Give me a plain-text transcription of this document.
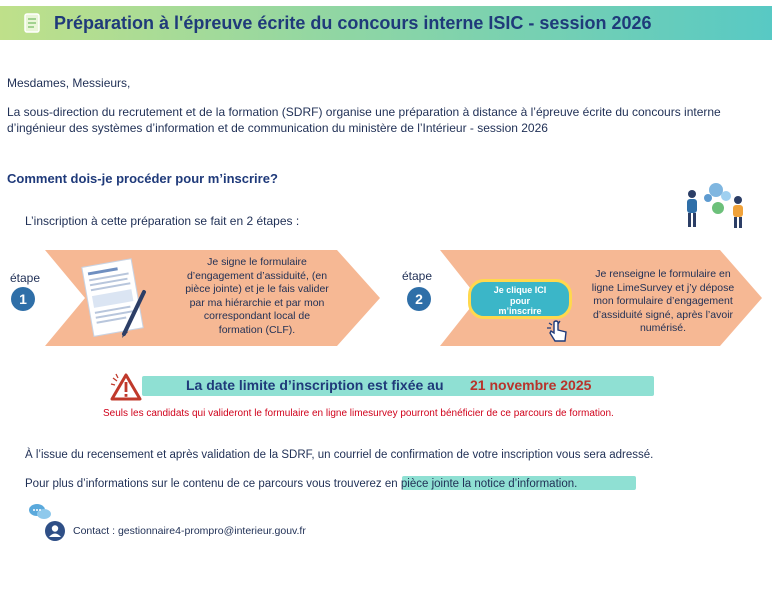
Préparation à l'épreuve écrite du concours interne ISIC - session 2026
Mesdames, Messieurs,
La sous-direction du recrutement et de la formation (SDRF) organise une préparation à distance à l’épreuve écrite du concours interne d’ingénieur des systèmes d’information et de communication du ministère de l’Intérieur - session 2026
Comment dois-je procéder pour m’inscrire?
L’inscription à cette préparation se fait en 2 étapes :
étape
1
Je signe le formulaire
d’engagement d’assiduité, (en
pièce jointe) et je le fais valider
par ma hiérarchie et par mon
correspondant local de
formation (CLF).
étape
2
Je clique ICI
pour
m’inscrire
Je renseigne le formulaire en
ligne LimeSurvey et j’y dépose
mon formulaire d’engagement
d’assiduité signé, après l’avoir
numérisé.
La date limite d’inscription est fixée au 21 novembre 2025
Seuls les candidats qui valideront le formulaire en ligne limesurvey pourront bénéficier de ce parcours de formation.
À l’issue du recensement et après validation de la SDRF, un courriel de confirmation de votre inscription vous sera adressé.
Pour plus d’informations sur le contenu de ce parcours vous trouverez en pièce jointe la notice d’information.
Contact : gestionnaire4-prompro@interieur.gouv.fr
